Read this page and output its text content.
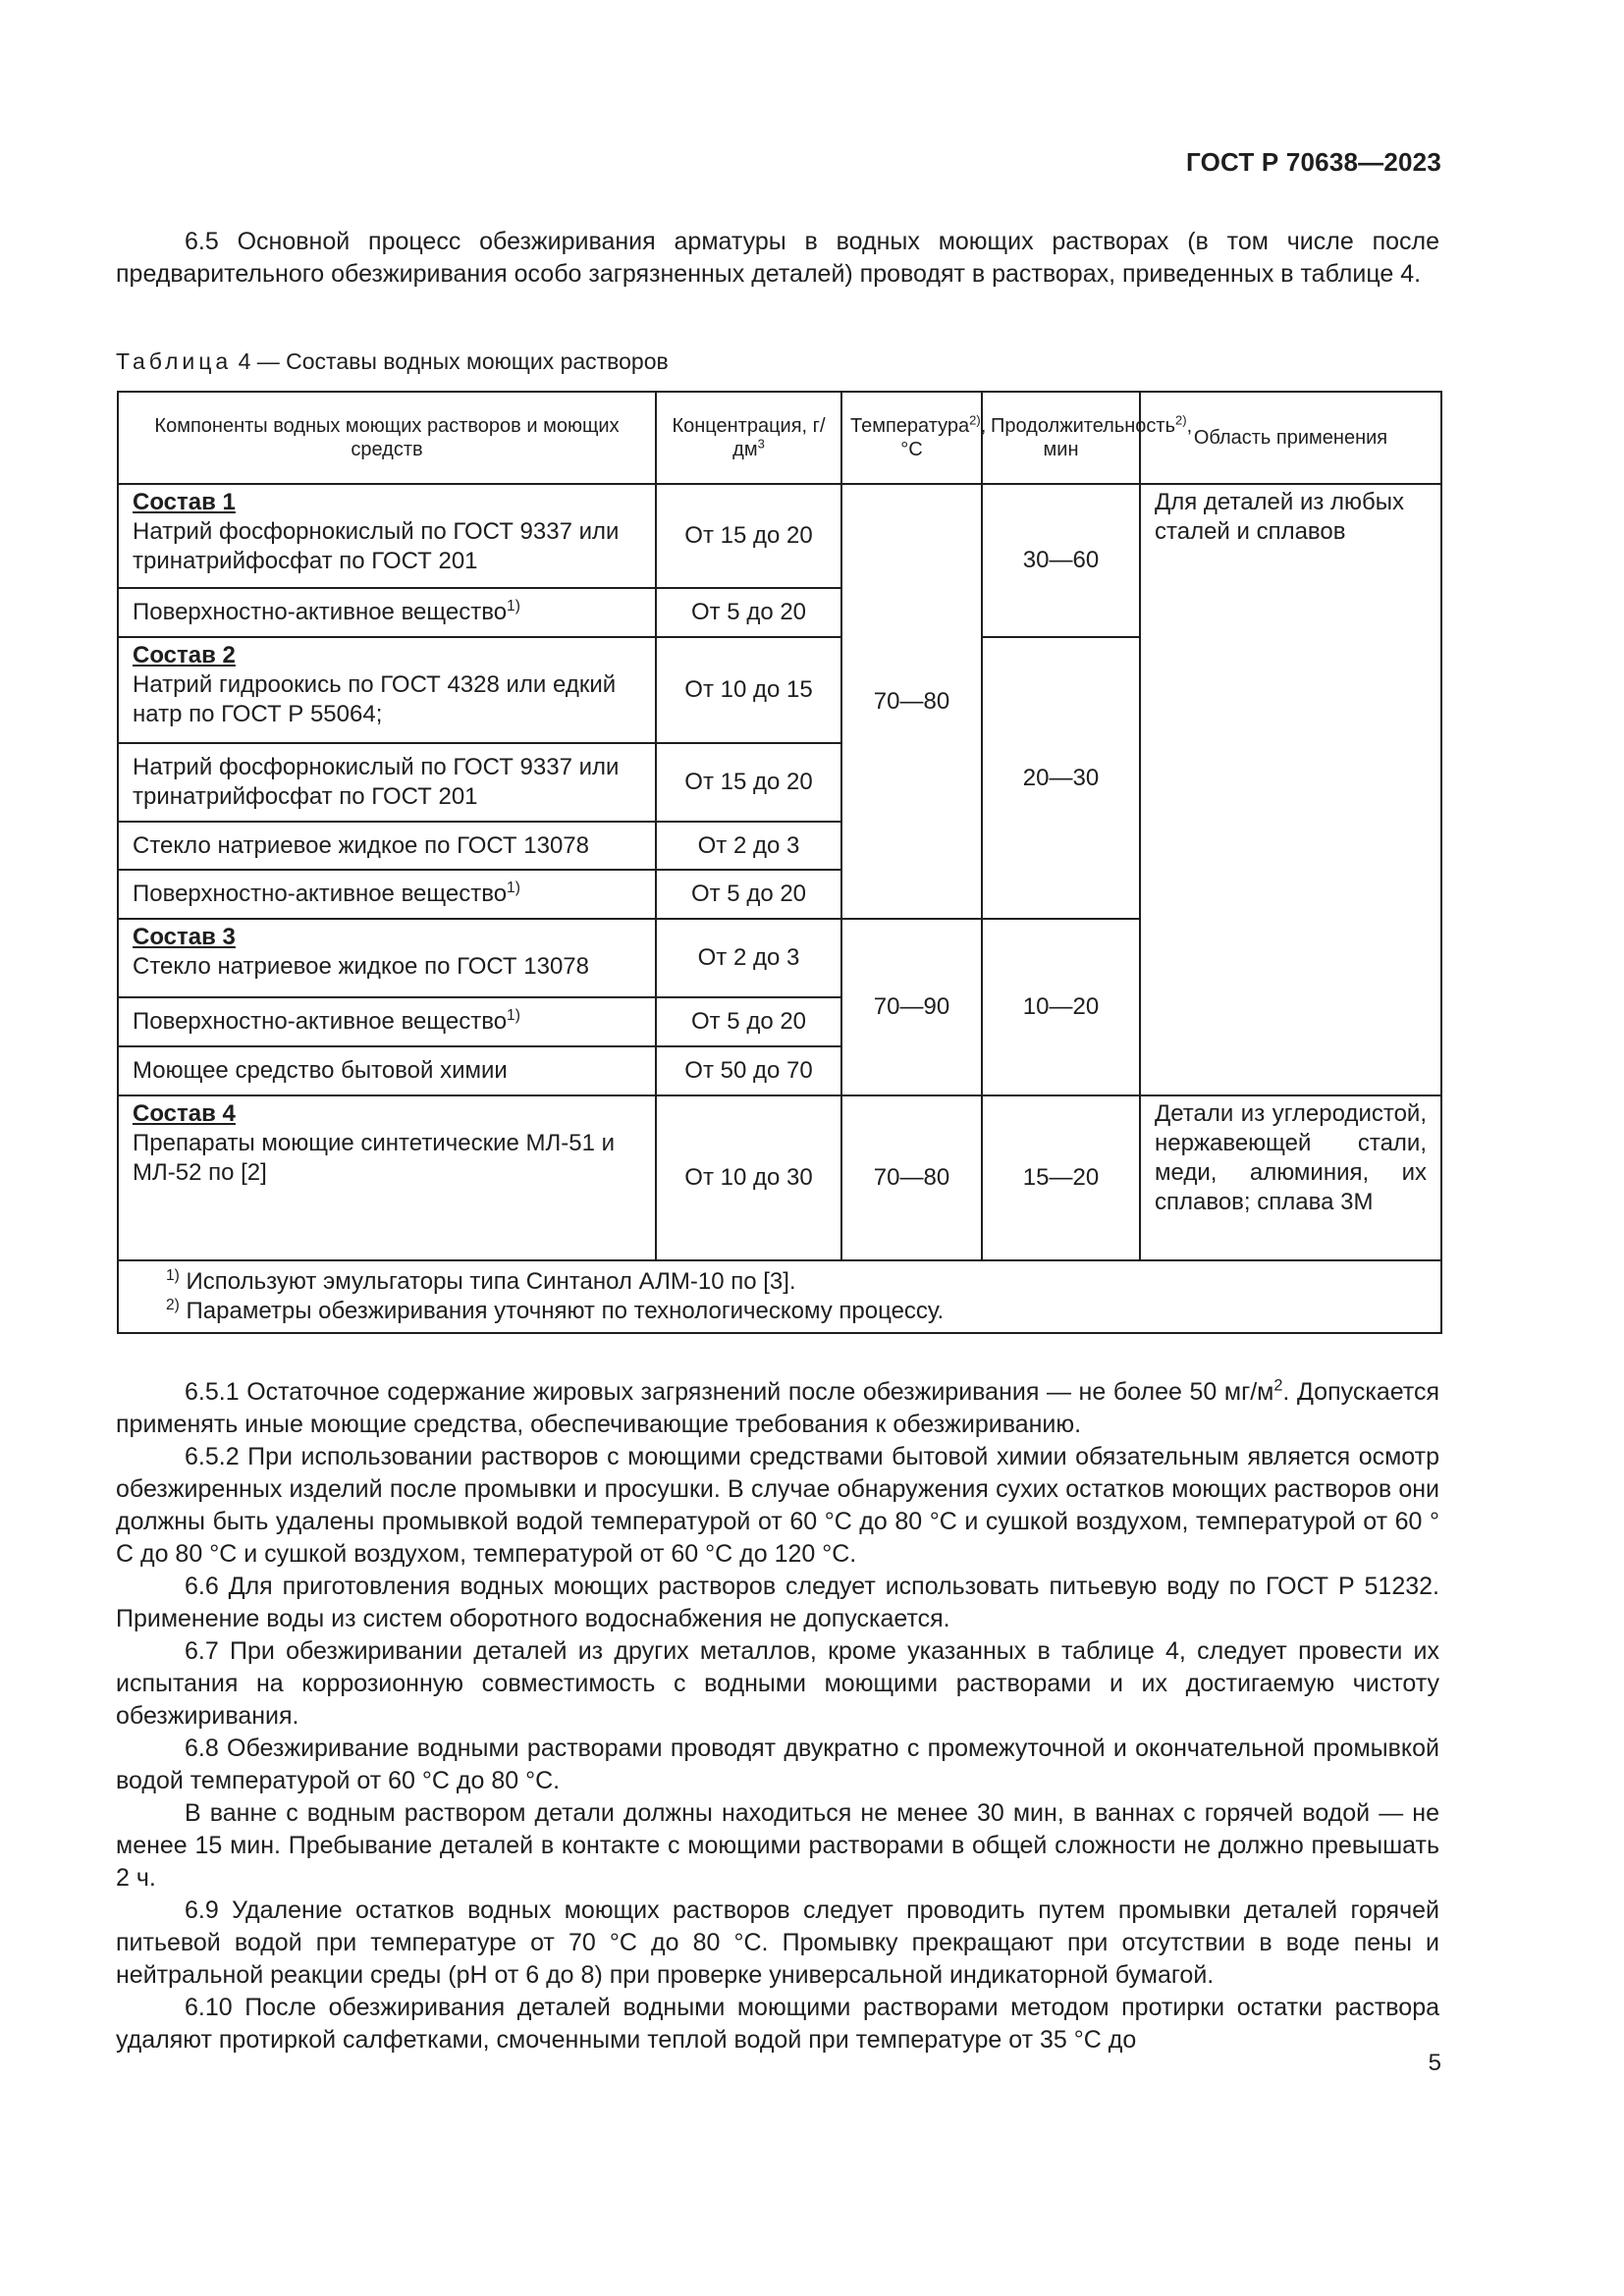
ГОСТ Р 70638—2023

6.5 Основной процесс обезжиривания арматуры в водных моющих растворах (в том числе после предварительного обезжиривания особо загрязненных деталей) проводят в растворах, приведенных в таблице 4.

Таблица 4 — Составы водных моющих растворов
Компоненты водных моющих растворов и моющих средств	Концентрация, $г/дм^3$	Температура$^{2)}$, °С	Продолжительность$^{2)}$, мин	Область применения

Состав 1
Натрий фосфорнокислый по ГОСТ 9337 или тринатрийфосфат по ГОСТ 201	От 15 до 20	70—80	30—60	Для деталей из любых сталей и сплавов
Поверхностно-активное вещество$^{1)}$	От 5 до 20			

Состав 2
Натрий гидроокись по ГОСТ 4328 или едкий натр по ГОСТ Р 55064;	От 10 до 15		20—30	
Натрий фосфорнокислый по ГОСТ 9337 или тринатрийфосфат по ГОСТ 201	От 15 до 20			
Стекло натриевое жидкое по ГОСТ 13078	От 2 до 3			
Поверхностно-активное вещество$^{1)}$	От 5 до 20			

Состав 3
Стекло натриевое жидкое по ГОСТ 13078	От 2 до 3	70—90	10—20	
Поверхностно-активное вещество$^{1)}$	От 5 до 20			
Моющее средство бытовой химии	От 50 до 70			

Состав 4
Препараты моющие синтетические МЛ-51 и МЛ-52 по [2]	От 10 до 30	70—80	15—20	Детали из углеродистой, нержавеющей стали, меди, алюминия, их сплавов; сплава 3М

$^{1)}$ Используют эмульгаторы типа Синтанол АЛМ-10 по [3].
$^{2)}$ Параметры обезжиривания уточняют по технологическому процессу.				

6.5.1 Остаточное содержание жировых загрязнений после обезжиривания — не более 50 $мг/м^2$. Допускается применять иные моющие средства, обеспечивающие требования к обезжириванию.

6.5.2 При использовании растворов с моющими средствами бытовой химии обязательным является осмотр обезжиренных изделий после промывки и просушки. В случае обнаружения сухих остатков моющих растворов они должны быть удалены промывкой водой температурой от 60 °С до 80 °С и сушкой воздухом, температурой от 60 ° С до 80 °С и сушкой воздухом, температурой от 60 °С до 120 °С.

6.6 Для приготовления водных моющих растворов следует использовать питьевую воду по ГОСТ Р 51232. Применение воды из систем оборотного водоснабжения не допускается.

6.7 При обезжиривании деталей из других металлов, кроме указанных в таблице 4, следует провести их испытания на коррозионную совместимость с водными моющими растворами и их достигаемую чистоту обезжиривания.

6.8 Обезжиривание водными растворами проводят двукратно с промежуточной и окончательной промывкой водой температурой от 60 °С до 80 °С.

В ванне с водным раствором детали должны находиться не менее 30 мин, в ваннах с горячей водой — не менее 15 мин. Пребывание деталей в контакте с моющими растворами в общей сложности не должно превышать 2 ч.

6.9 Удаление остатков водных моющих растворов следует проводить путем промывки деталей горячей питьевой водой при температуре от 70 °С до 80 °С. Промывку прекращают при отсутствии в воде пены и нейтральной реакции среды (pH от 6 до 8) при проверке универсальной индикаторной бумагой.

6.10 После обезжиривания деталей водными моющими растворами методом протирки остатки раствора удаляют протиркой салфетками, смоченными теплой водой при температуре от 35 °С до

5
